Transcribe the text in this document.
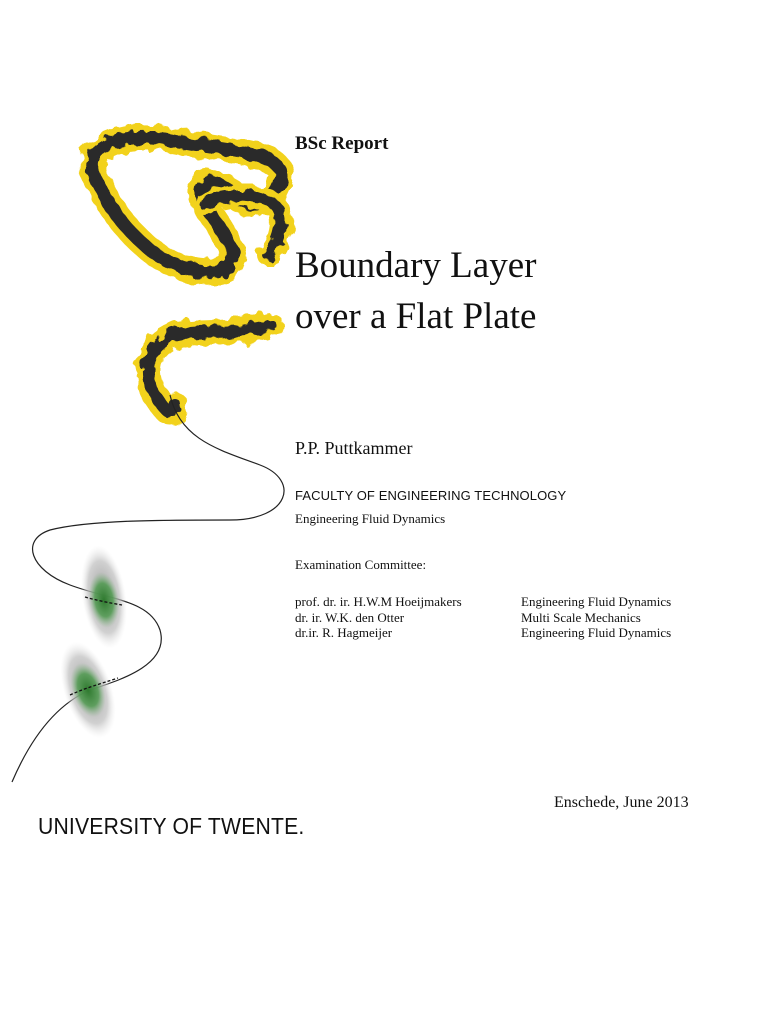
BSc Report
Boundary Layer
over a Flat Plate
P.P. Puttkammer
FACULTY OF ENGINEERING TECHNOLOGY
Engineering Fluid Dynamics
Examination Committee:
prof. dr. ir. H.W.M Hoeijmakers	Engineering Fluid Dynamics
dr. ir. W.K. den Otter	Multi Scale Mechanics
dr.ir. R. Hagmeijer	Engineering Fluid Dynamics
Enschede, June 2013
UNIVERSITY OF TWENTE.
